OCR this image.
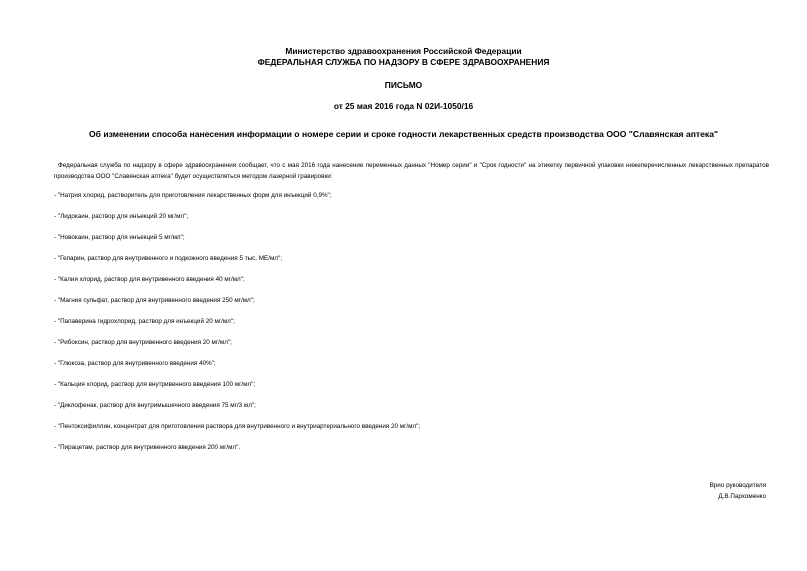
Министерство здравоохранения Российской Федерации
ФЕДЕРАЛЬНАЯ СЛУЖБА ПО НАДЗОРУ В СФЕРЕ ЗДРАВООХРАНЕНИЯ
ПИСЬМО
от 25 мая 2016 года N 02И-1050/16
Об изменении способа нанесения информации о номере серии и сроке годности лекарственных средств производства ООО "Славянская аптека"
Федеральная служба по надзору в сфере здравоохранения сообщает, что с мая 2016 года нанесение переменных данных "Номер серии" и "Срок годности" на этикетку первичной упаковки нижеперечисленных лекарственных препаратов производства ООО "Славянская аптека" будет осуществляться методом лазерной гравировки:
- "Натрия хлорид, растворитель для приготовления лекарственных форм для инъекций 0,9%";
- "Лидокаин, раствор для инъекций 20 мг/мл";
- "Новокаин, раствор для инъекций 5 мг/мл";
- "Гепарин, раствор для внутривенного и подкожного введения 5 тыс. МЕ/мл";
- "Калия хлорид, раствор для внутривенного введения 40 мг/мл";
- "Магния сульфат, раствор для внутривенного введения 250 мг/мл";
- "Папаверина гидрохлорид, раствор для инъекций 20 мг/мл";
- "Рибоксин, раствор для внутривенного введения 20 мг/мл";
- "Глюкоза, раствор для внутривенного введения 40%";
- "Кальция хлорид, раствор для внутривенного введения 100 мг/мл";
- "Диклофенак, раствор для внутримышечного введения 75 мг/3 мл";
- "Пентоксифиллин, концентрат для приготовления раствора для внутривенного и внутриартериального введения 20 мг/мл";
- "Пирацетам, раствор для внутривенного введения 200 мг/мл".
Врио руководителя
Д.В.Пархоменко
